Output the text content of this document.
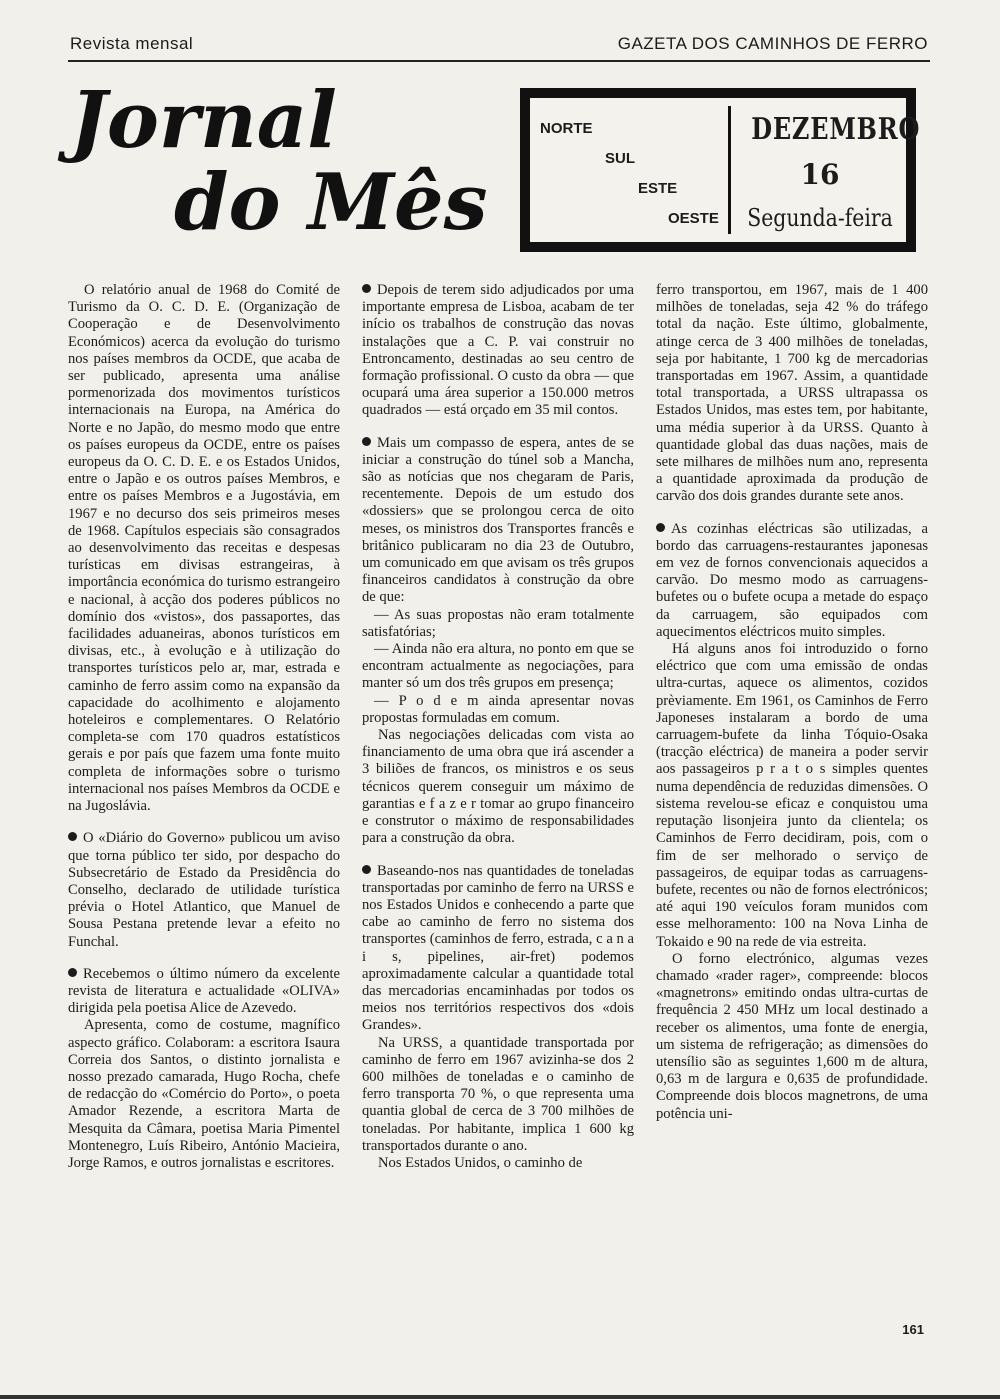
Revista mensal	GAZETA DOS CAMINHOS DE FERRO
Jornal
do Mês
NORTE
SUL
ESTE
OESTE
DEZEMBRO
16
Segunda-feira

O relatório anual de 1968 do Comité de Turismo da O. C. D. E. (Organização de Cooperação e de Desenvolvimento Económicos) acerca da evolução do turismo nos países membros da OCDE, que acaba de ser publicado, apresenta uma análise pormenorizada dos movimentos turísticos internacionais na Europa, na América do Norte e no Japão, do mesmo modo que entre os países europeus da OCDE, entre os países europeus da O. C. D. E. e os Estados Unidos, entre o Japão e os outros países Membros, e entre os países Membros e a Jugostávia, em 1967 e no decurso dos seis primeiros meses de 1968. Capítulos especiais são consagrados ao desenvolvimento das receitas e despesas turísticas em divisas estrangeiras, à importância económica do turismo estrangeiro e nacional, à acção dos poderes públicos no domínio dos «vistos», dos passaportes, das facilidades aduaneiras, abonos turísticos em divisas, etc., à evolução e à utilização do transportes turísticos pelo ar, mar, estrada e caminho de ferro assim como na expansão da capacidade do acolhimento e alojamento hoteleiros e complementares. O Relatório completa-se com 170 quadros estatísticos gerais e por país que fazem uma fonte muito completa de informações sobre o turismo internacional nos países Membros da OCDE e na Jugoslávia.

O «Diário do Governo» publicou um aviso que torna público ter sido, por despacho do Subsecretário de Estado da Presidência do Conselho, declarado de utilidade turística prévia o Hotel Atlantico, que Manuel de Sousa Pestana pretende levar a efeito no Funchal.

Recebemos o último número da excelente revista de literatura e actualidade «OLIVA» dirigida pela poetisa Alice de Azevedo.

Apresenta, como de costume, magnífico aspecto gráfico. Colaboram: a escritora Isaura Correia dos Santos, o distinto jornalista e nosso prezado camarada, Hugo Rocha, chefe de redacção do «Comércio do Porto», o poeta Amador Rezende, a escritora Marta de Mesquita da Câmara, poetisa Maria Pimentel Montenegro, Luís Ribeiro, António Macieira, Jorge Ramos, e outros jornalistas e escritores.

Depois de terem sido adjudicados por uma importante empresa de Lisboa, acabam de ter início os trabalhos de construção das novas instalações que a C. P. vai construir no Entroncamento, destinadas ao seu centro de formação profissional. O custo da obra — que ocupará uma área superior a 150.000 metros quadrados — está orçado em 35 mil contos.

Mais um compasso de espera, antes de se iniciar a construção do túnel sob a Mancha, são as notícias que nos chegaram de Paris, recentemente. Depois de um estudo dos «dossiers» que se prolongou cerca de oito meses, os ministros dos Transportes francês e britânico publicaram no dia 23 de Outubro, um comunicado em que avisam os três grupos financeiros candidatos à construção da obre de que:

— As suas propostas não eram totalmente satisfatórias;

— Ainda não era altura, no ponto em que se encontram actualmente as negociações, para manter só um dos três grupos em presença;

— P o d e m ainda apresentar novas propostas formuladas em comum.

Nas negociações delicadas com vista ao financiamento de uma obra que irá ascender a 3 biliões de francos, os ministros e os seus técnicos querem conseguir um máximo de garantias e f a z e r tomar ao grupo financeiro e construtor o máximo de responsabilidades para a construção da obra.

Baseando-nos nas quantidades de toneladas transportadas por caminho de ferro na URSS e nos Estados Unidos e conhecendo a parte que cabe ao caminho de ferro no sistema dos transportes (caminhos de ferro, estrada, c a n a i s, pipelines, air-fret) podemos aproximadamente calcular a quantidade total das mercadorias encaminhadas por todos os meios nos territórios respectivos dos «dois Grandes».

Na URSS, a quantidade transportada por caminho de ferro em 1967 avizinha-se dos 2 600 milhões de toneladas e o caminho de ferro transporta 70 %, o que representa uma quantia global de cerca de 3 700 milhões de toneladas. Por habitante, implica 1 600 kg transportados durante o ano.

Nos Estados Unidos, o caminho de

ferro transportou, em 1967, mais de 1 400 milhões de toneladas, seja 42 % do tráfego total da nação. Este último, globalmente, atinge cerca de 3 400 milhões de toneladas, seja por habitante, 1 700 kg de mercadorias transportadas em 1967. Assim, a quantidade total transportada, a URSS ultrapassa os Estados Unidos, mas estes tem, por habitante, uma média superior à da URSS. Quanto à quantidade global das duas nações, mais de sete milhares de milhões num ano, representa a quantidade aproximada da produção de carvão dos dois grandes durante sete anos.

As cozinhas eléctricas são utilizadas, a bordo das carruagens-restaurantes japonesas em vez de fornos convencionais aquecidos a carvão. Do mesmo modo as carruagens-bufetes ou o bufete ocupa a metade do espaço da carruagem, são equipados com aquecimentos eléctricos muito simples.

Há alguns anos foi introduzido o forno eléctrico que com uma emissão de ondas ultra-curtas, aquece os alimentos, cozidos prèviamente. Em 1961, os Caminhos de Ferro Japoneses instalaram a bordo de uma carruagem-bufete da linha Tóquio-Osaka (tracção eléctrica) de maneira a poder servir aos passageiros p r a t o s simples quentes numa dependência de reduzidas dimensões. O sistema revelou-se eficaz e conquistou uma reputação lisonjeira junto da clientela; os Caminhos de Ferro decidiram, pois, com o fim de ser melhorado o serviço de passageiros, de equipar todas as carruagens-bufete, recentes ou não de fornos electrónicos; até aqui 190 veículos foram munidos com esse melhoramento: 100 na Nova Linha de Tokaido e 90 na rede de via estreita.

O forno electrónico, algumas vezes chamado «rader rager», compreende: blocos «magnetrons» emitindo ondas ultra-curtas de frequência 2 450 MHz um local destinado a receber os alimentos, uma fonte de energia, um sistema de refrigeração; as dimensões do utensílio são as seguintes 1,600 m de altura, 0,63 m de largura e 0,635 de profundidade. Compreende dois blocos magnetrons, de uma potência uni-

161
